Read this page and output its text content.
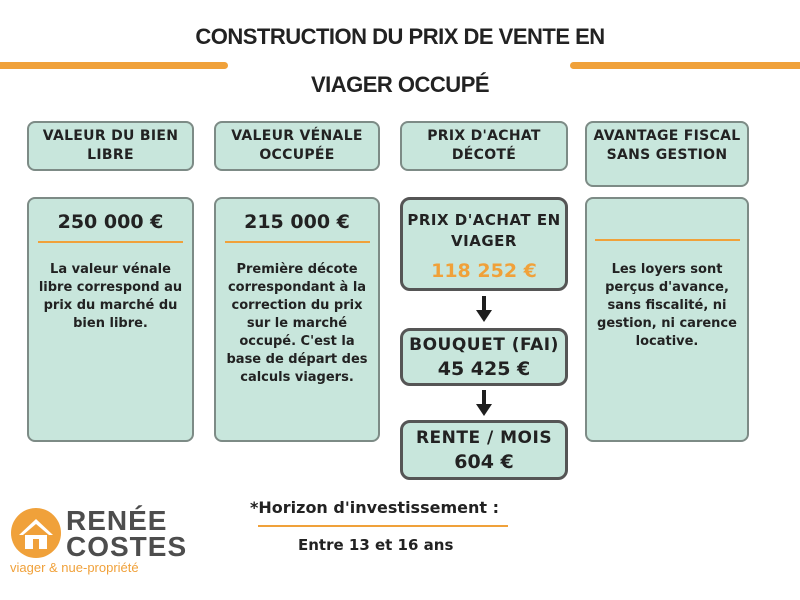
CONSTRUCTION DU PRIX DE VENTE EN
VIAGER OCCUPÉ
VALEUR DU BIEN LIBRE
VALEUR VÉNALE OCCUPÉE
PRIX D'ACHAT DÉCOTÉ
AVANTAGE FISCAL SANS GESTION
250 000 €
La valeur vénale libre correspond au prix du marché du bien libre.
215 000 €
Première décote correspondant à la correction du prix sur le marché occupé. C'est la base de départ des calculs viagers.
PRIX D'ACHAT EN VIAGER
118 252 €
BOUQUET (FAI)
45 425 €
RENTE / MOIS
604 €
Les loyers sont perçus d'avance, sans fiscalité, ni gestion, ni carence locative.
RENÉE
COSTES
viager & nue-propriété
*Horizon d'investissement :
Entre 13 et 16 ans
